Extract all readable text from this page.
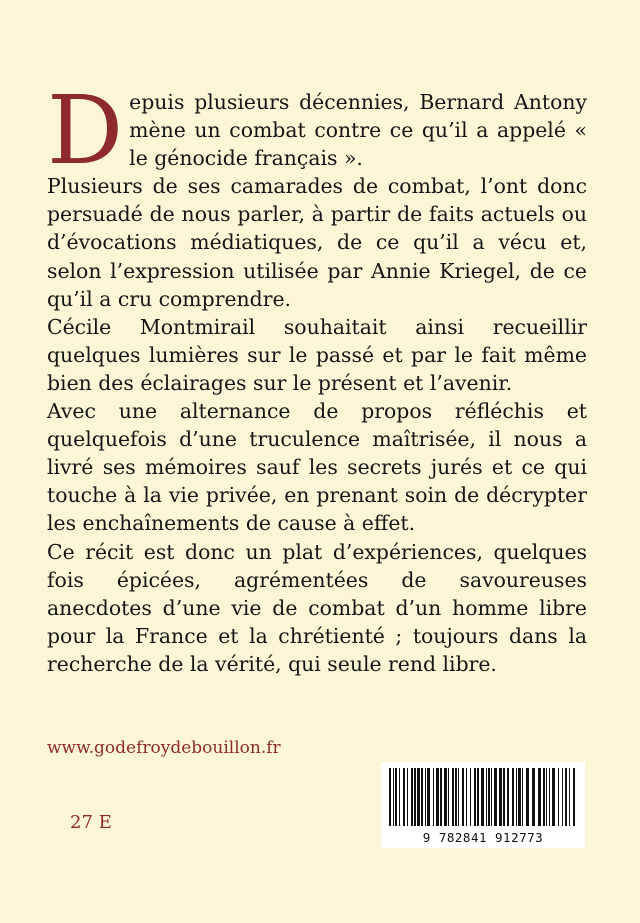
Depuis plusieurs décennies, Bernard Antony mène un combat contre ce qu’il a appelé « le génocide français ».

Plusieurs de ses camarades de combat, l’ont donc persuadé de nous parler, à partir de faits actuels ou d’évocations médiatiques, de ce qu’il a vécu et, selon l’expression utilisée par Annie Kriegel, de ce qu’il a cru comprendre.

Cécile Montmirail souhaitait ainsi recueillir quelques lumières sur le passé et par le fait même bien des éclairages sur le présent et l’avenir.

Avec une alternance de propos réfléchis et quelquefois d’une truculence maîtrisée, il nous a livré ses mémoires sauf les secrets jurés et ce qui touche à la vie privée, en prenant soin de décrypter les enchaînements de cause à effet.

Ce récit est donc un plat d’expériences, quelques fois épicées, agrémentées de savoureuses anecdotes d’une vie de combat d’un homme libre pour la France et la chrétienté ; toujours dans la recherche de la vérité, qui seule rend libre.

www.godefroydebouillon.fr
27 E
9 782841 912773
